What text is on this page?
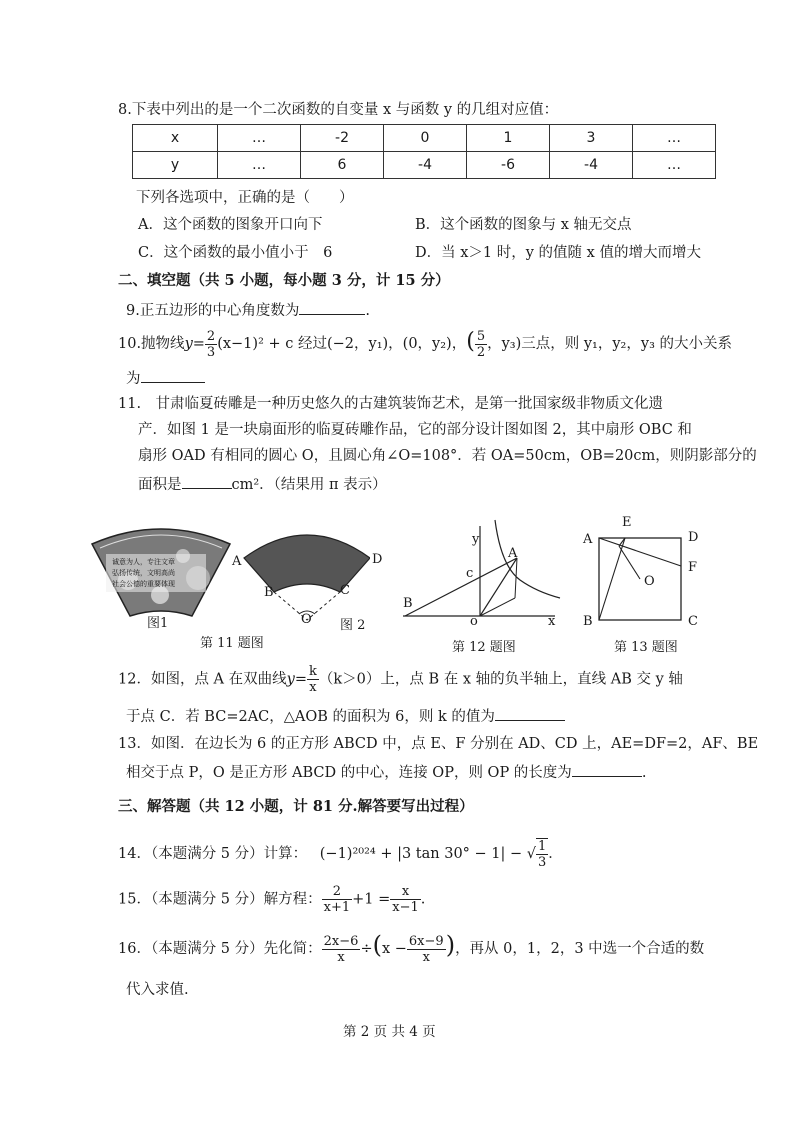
8.下表中列出的是一个二次函数的自变量 x 与函数 y 的几组对应值：
x	…	-2	0	1	3	…
y	…	6	-4	-6	-4	…
下列各选项中，正确的是（　　）
A．这个函数的图象开口向下	B．这个函数的图象与 x 轴无交点
C．这个函数的最小值小于　6	D．当 x＞1 时，y 的值随 x 值的增大而增大
二、填空题（共 5 小题，每小题 3 分，计 15 分）
9.正五边形的中心角度数为	.
10.抛物线$y= \frac{2}{3} (x-1)^2 + c$ 经过(−2，y₁)，(0，y₂)，( $\frac{5}{2}$ ，y₃)三点，则 y₁，y₂，y₃ 的大小关系
为
11.　甘肃临夏砖雕是一种历史悠久的古建筑装饰艺术，是第一批国家级非物质文化遗
产．如图 1 是一块扇面形的临夏砖雕作品，它的部分设计图如图 2，其中扇形 OBC 和
扇形 OAD 有相同的圆心 O，且圆心角∠O=108°．若 OA=50cm，OB=20cm，则阴影部分的
面积是	cm²．（结果用 π 表示）
诚意为人，专注文章
弘扬传统，文明高尚
社会公德的重要体现
图1
A	D
B	C
O 图 2
第 11 题图
y
A
c
B
o	x
第 12 题图
A
E
D
F
O
B	C
第 13 题图
12．如图，点 A 在双曲线$y= \frac{k}{x} (k>0)$上，点 B 在 x 轴的负半轴上，直线 AB 交 y 轴
于点 C．若 BC=2AC，△AOB 的面积为 6，则 k 的值为
13．如图．在边长为 6 的正方形 ABCD 中，点 E、F 分别在 AD、CD 上，AE=DF=2，AF、BE
相交于点 P，O 是正方形 ABCD 的中心，连接 OP，则 OP 的长度为	.
三、解答题（共 12 小题，计 81 分.解答要写出过程）
14．（本题满分 5 分）计算： (−1)²⁰²⁴ + |3 tan 30° − 1| − √ $\frac{1}{3}$ ．
15．（本题满分 5 分）解方程： $\frac{2}{x+1} +1 = \frac{x}{x-1}$ .
16．（本题满分 5 分）先化简： $\frac{2x-6}{x} \div(x - \frac{6x-9}{x}$ )，再从 0，1，2，3 中选一个合适的数
代入求值.
第 2 页 共 4 页
